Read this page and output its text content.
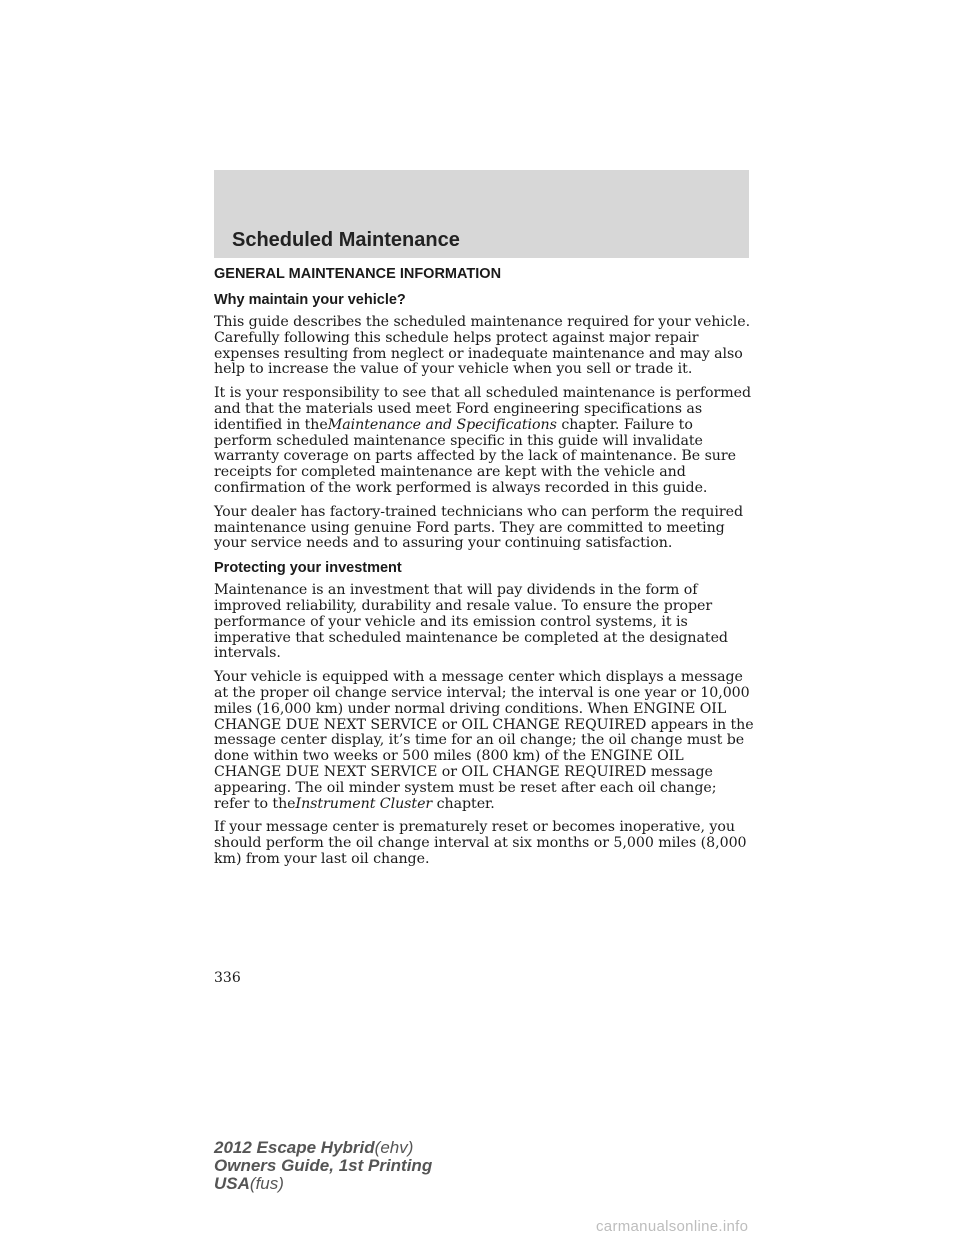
Scheduled Maintenance
GENERAL MAINTENANCE INFORMATION
Why maintain your vehicle?

This guide describes the scheduled maintenance required for your vehicle. Carefully following this schedule helps protect against major repair expenses resulting from neglect or inadequate maintenance and may also help to increase the value of your vehicle when you sell or trade it.

It is your responsibility to see that all scheduled maintenance is performed and that the materials used meet Ford engineering specifications as identified in theMaintenance and Specifications chapter. Failure to perform scheduled maintenance specific in this guide will invalidate warranty coverage on parts affected by the lack of maintenance. Be sure receipts for completed maintenance are kept with the vehicle and confirmation of the work performed is always recorded in this guide.

Your dealer has factory-trained technicians who can perform the required maintenance using genuine Ford parts. They are committed to meeting your service needs and to assuring your continuing satisfaction.

Protecting your investment

Maintenance is an investment that will pay dividends in the form of improved reliability, durability and resale value. To ensure the proper performance of your vehicle and its emission control systems, it is imperative that scheduled maintenance be completed at the designated intervals.

Your vehicle is equipped with a message center which displays a message at the proper oil change service interval; the interval is one year or 10,000 miles (16,000 km) under normal driving conditions. When ENGINE OIL CHANGE DUE NEXT SERVICE or OIL CHANGE REQUIRED appears in the message center display, it’s time for an oil change; the oil change must be done within two weeks or 500 miles (800 km) of the ENGINE OIL CHANGE DUE NEXT SERVICE or OIL CHANGE REQUIRED message appearing. The oil minder system must be reset after each oil change; refer to theInstrument Cluster chapter.

If your message center is prematurely reset or becomes inoperative, you should perform the oil change interval at six months or 5,000 miles (8,000 km) from your last oil change.

336
2012 Escape Hybrid(ehv)
Owners Guide, 1st Printing
USA(fus)
carmanualsonline.info
